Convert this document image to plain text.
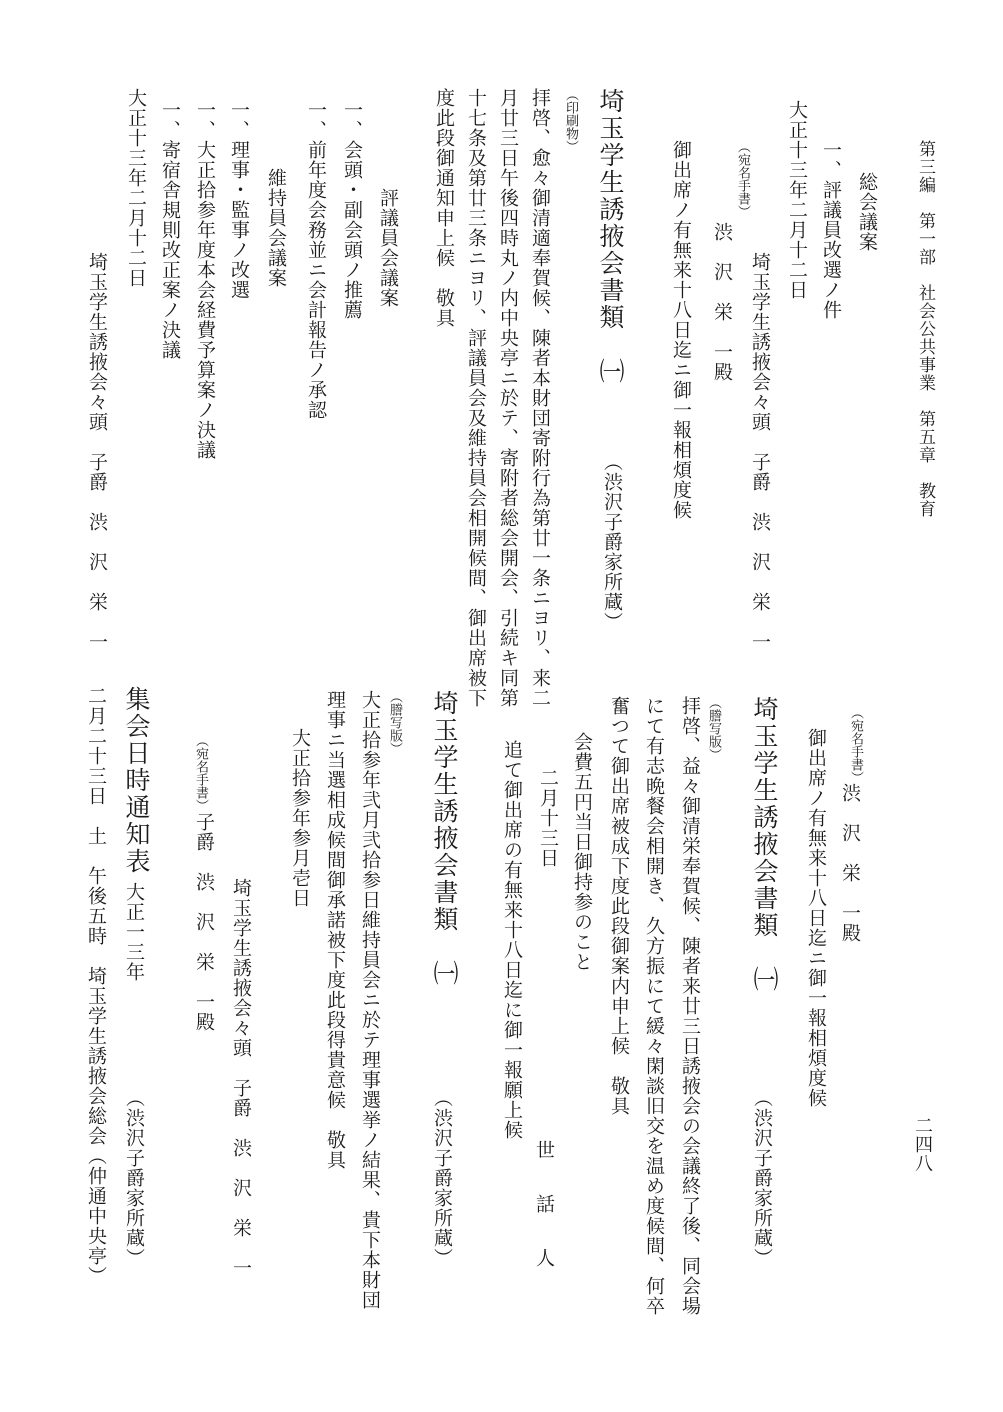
第三編　第一部　社会公共事業　第五章　教育
二四八
総会議案
一、評議員改選ノ件
大正十三年二月十二日
埼玉学生誘掖会々頭　子爵　渋　沢　栄　一
（宛名手書）
渋　沢　栄　一殿
御出席ノ有無来十八日迄ニ御一報相煩度候
埼玉学生誘掖会書類　㈠
（渋沢子爵家所蔵）
（印刷物）
拝啓、愈々御清適奉賀候、陳者本財団寄附行為第廿一条ニヨリ、来二
月廿三日午後四時丸ノ内中央亭ニ於テ、寄附者総会開会、引続キ同第
十七条及第廿三条ニヨリ、評議員会及維持員会相開候間、御出席被下
度此段御通知申上候　敬具
評議員会議案
一、会頭・副会頭ノ推薦
一、前年度会務並ニ会計報告ノ承認
維持員会議案
一、理事・監事ノ改選
一、大正拾参年度本会経費予算案ノ決議
一、寄宿舎規則改正案ノ決議
大正十三年二月十二日
埼玉学生誘掖会々頭　子爵　渋　沢　栄　一
（宛名手書）
渋　沢　栄　一殿
御出席ノ有無来十八日迄ニ御一報相煩度候
埼玉学生誘掖会書類　㈠
（渋沢子爵家所蔵）
（謄写版）
拝啓、益々御清栄奉賀候、陳者来廿三日誘掖会の会議終了後、同会場
にて有志晩餐会相開き、久方振にて緩々閑談旧交を温め度候間、何卒
奮つて御出席被成下度此段御案内申上候　敬具
会費五円当日御持参のこと
二月十三日
世　話　人
追て御出席の有無来十八日迄に御一報願上候
埼玉学生誘掖会書類　㈠
（渋沢子爵家所蔵）
（謄写版）
大正拾参年弐月弐拾参日維持員会ニ於テ理事選挙ノ結果、貴下本財団
理事ニ当選相成候間御承諾被下度此段得貴意候　敬具
大正拾参年参月壱日
埼玉学生誘掖会々頭　子爵　渋　沢　栄　一
（宛名手書）
子爵　渋　沢　栄　一殿
集会日時通知表
大正一三年
（渋沢子爵家所蔵）
二月二十三日　土　午後五時　埼玉学生誘掖会総会（仲通中央亭）
